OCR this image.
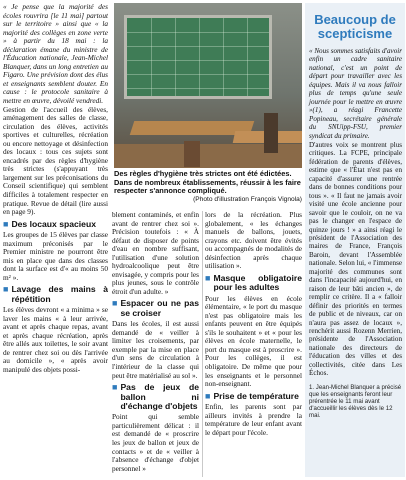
« Je pense que la majorité des écoles rouvrira [le 11 mai] partout sur le territoire » ainsi que « la majorité des collèges en zone verte » à partir du 18 mai : la déclaration émane du ministre de l'Éducation nationale, Jean-Michel Blanquer, dans un long entretien au Figaro. Une prévision dont des élus et enseignants semblent douter. En cause : le protocole sanitaire à mettre en œuvre, dévoilé vendredi.

Gestion de l'accueil des élèves, aménagement des salles de classe, circulation des élèves, activités sportives et culturelles, récréation ou encore nettoyage et désinfection des locaux : tous ces sujets sont encadrés par des règles d'hygiène très strictes (s'appuyant très largement sur les préconisations du Conseil scientifique) qui semblent difficiles à totalement respecter en pratique. Revue de détail (lire aussi en page 9).

■ Des locaux spacieux

Les groupes de 15 élèves par classe maximum préconisés par le Premier ministre ne pourront être mis en place que dans des classes dont la surface est d'« au moins 50 m² ».

■ Lavage des mains à répétition

Les élèves devront « a minima » se laver les mains « à leur arrivée, avant et après chaque repas, avant et après chaque récréation, après être allés aux toilettes, le soir avant de rentrer chez soi ou dès l'arrivée au domicile », « après avoir manipulé des objets possi-

Des règles d'hygiène très strictes ont été édictées. Dans de nombreux établissements, réussir à les faire respecter s'annonce compliqué.
(Photo d'illustration François Vignola)

blement contaminés, et enfin avant de rentrer chez soi ». Précision toutefois : « À défaut de disposer de points d'eau en nombre suffisant, l'utilisation d'une solution hydroalcoolique peut être envisagée, y compris pour les plus jeunes, sous le contrôle étroit d'un adulte. »

■ Espacer ou ne pas se croiser

Dans les écoles, il est aussi demandé de « veiller à limiter les croisements, par exemple par la mise en place d'un sens de circulation à l'intérieur de la classe qui peut être matérialisé au sol ».

■ Pas de jeux de ballon ni d'échange d'objets

Point qui semble particulièrement délicat : il est demandé de « proscrire les jeux de ballon et jeux de contacts » et de « veiller à l'absence d'échange d'objet personnel »

lors de la récréation. Plus globalement, « les échanges manuels de ballons, jouets, crayons etc. doivent être évités ou accompagnés de modalités de désinfection après chaque utilisation ».

■ Masque obligatoire pour les adultes

Pour les élèves en école élémentaire, « le port du masque n'est pas obligatoire mais les enfants peuvent en être équipés s'ils le souhaitent » et « pour les élèves en école maternelle, le port du masque est à proscrire ». Pour les collèges, il est obligatoire. De même que pour les enseignants et le personnel non-enseignant.

■ Prise de température

Enfin, les parents sont par ailleurs invités à prendre la température de leur enfant avant le départ pour l'école.

Beaucoup de
scepticisme

« Nous sommes satisfaits d'avoir enfin un cadre sanitaire national, c'est un point de départ pour travailler avec les équipes. Mais il va nous falloir plus de temps qu'une seule journée pour le mettre en œuvre »(1), a réagi Francette Popineau, secrétaire générale du SNUipp-FSU, premier syndicat du primaire.

D'autres voix se montrent plus critiques. La FCPE, principale fédération de parents d'élèves, estime que « l'État n'est pas en capacité d'assurer une rentrée dans de bonnes conditions pour tous ». « Il faut ne jamais avoir visité une école ancienne pour savoir que le couloir, on ne va pas le changer en l'espace de quinze jours ! » a ainsi réagi le président de l'Association des maires de France, François Baroin, devant l'Assemblée nationale. Selon lui, « l'immense majorité des communes sont dans l'incapacité aujourd'hui, en raison de leur bâti ancien », de remplir ce critère. Il a « falloir définir des priorités en termes de public et de niveaux, car on n'aura pas assez de locaux », renchérit aussi Rozenn Merrien, présidente de l'Association nationale des directeurs de l'éducation des villes et des collectivités, citée dans Les Échos.

1. Jean-Michel Blanquer a précisé que les enseignants feront leur prérentrée le 11 mai avant d'accueillir les élèves dès le 12 mai.
